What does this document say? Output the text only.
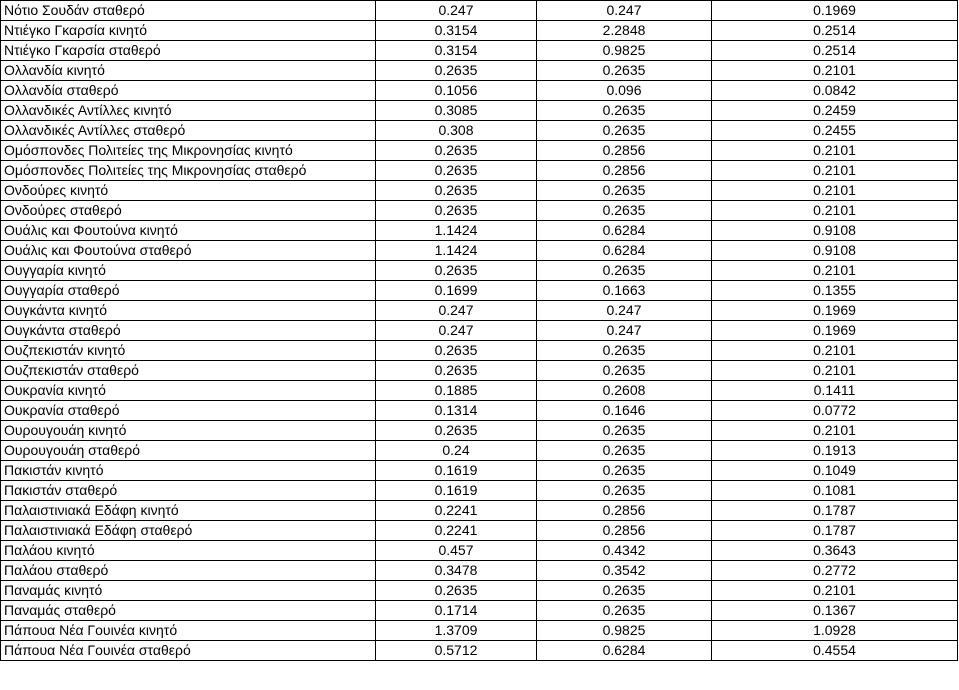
Νότιο Σουδάν σταθερό	0.247	0.247	0.1969
Ντιέγκο Γκαρσία κινητό	0.3154	2.2848	0.2514
Ντιέγκο Γκαρσία σταθερό	0.3154	0.9825	0.2514
Ολλανδία κινητό	0.2635	0.2635	0.2101
Ολλανδία σταθερό	0.1056	0.096	0.0842
Ολλανδικές Αντίλλες κινητό	0.3085	0.2635	0.2459
Ολλανδικές Αντίλλες σταθερό	0.308	0.2635	0.2455
Ομόσπονδες Πολιτείες της Μικρονησίας κινητό	0.2635	0.2856	0.2101
Ομόσπονδες Πολιτείες της Μικρονησίας σταθερό	0.2635	0.2856	0.2101
Ονδούρες κινητό	0.2635	0.2635	0.2101
Ονδούρες σταθερό	0.2635	0.2635	0.2101
Ουάλις και Φουτούνα κινητό	1.1424	0.6284	0.9108
Ουάλις και Φουτούνα σταθερό	1.1424	0.6284	0.9108
Ουγγαρία κινητό	0.2635	0.2635	0.2101
Ουγγαρία σταθερό	0.1699	0.1663	0.1355
Ουγκάντα κινητό	0.247	0.247	0.1969
Ουγκάντα σταθερό	0.247	0.247	0.1969
Ουζπεκιστάν κινητό	0.2635	0.2635	0.2101
Ουζπεκιστάν σταθερό	0.2635	0.2635	0.2101
Ουκρανία κινητό	0.1885	0.2608	0.1411
Ουκρανία σταθερό	0.1314	0.1646	0.0772
Ουρουγουάη κινητό	0.2635	0.2635	0.2101
Ουρουγουάη σταθερό	0.24	0.2635	0.1913
Πακιστάν κινητό	0.1619	0.2635	0.1049
Πακιστάν σταθερό	0.1619	0.2635	0.1081
Παλαιστινιακά Εδάφη κινητό	0.2241	0.2856	0.1787
Παλαιστινιακά Εδάφη σταθερό	0.2241	0.2856	0.1787
Παλάου κινητό	0.457	0.4342	0.3643
Παλάου σταθερό	0.3478	0.3542	0.2772
Παναμάς κινητό	0.2635	0.2635	0.2101
Παναμάς σταθερό	0.1714	0.2635	0.1367
Πάπουα Νέα Γουινέα κινητό	1.3709	0.9825	1.0928
Πάπουα Νέα Γουινέα σταθερό	0.5712	0.6284	0.4554
